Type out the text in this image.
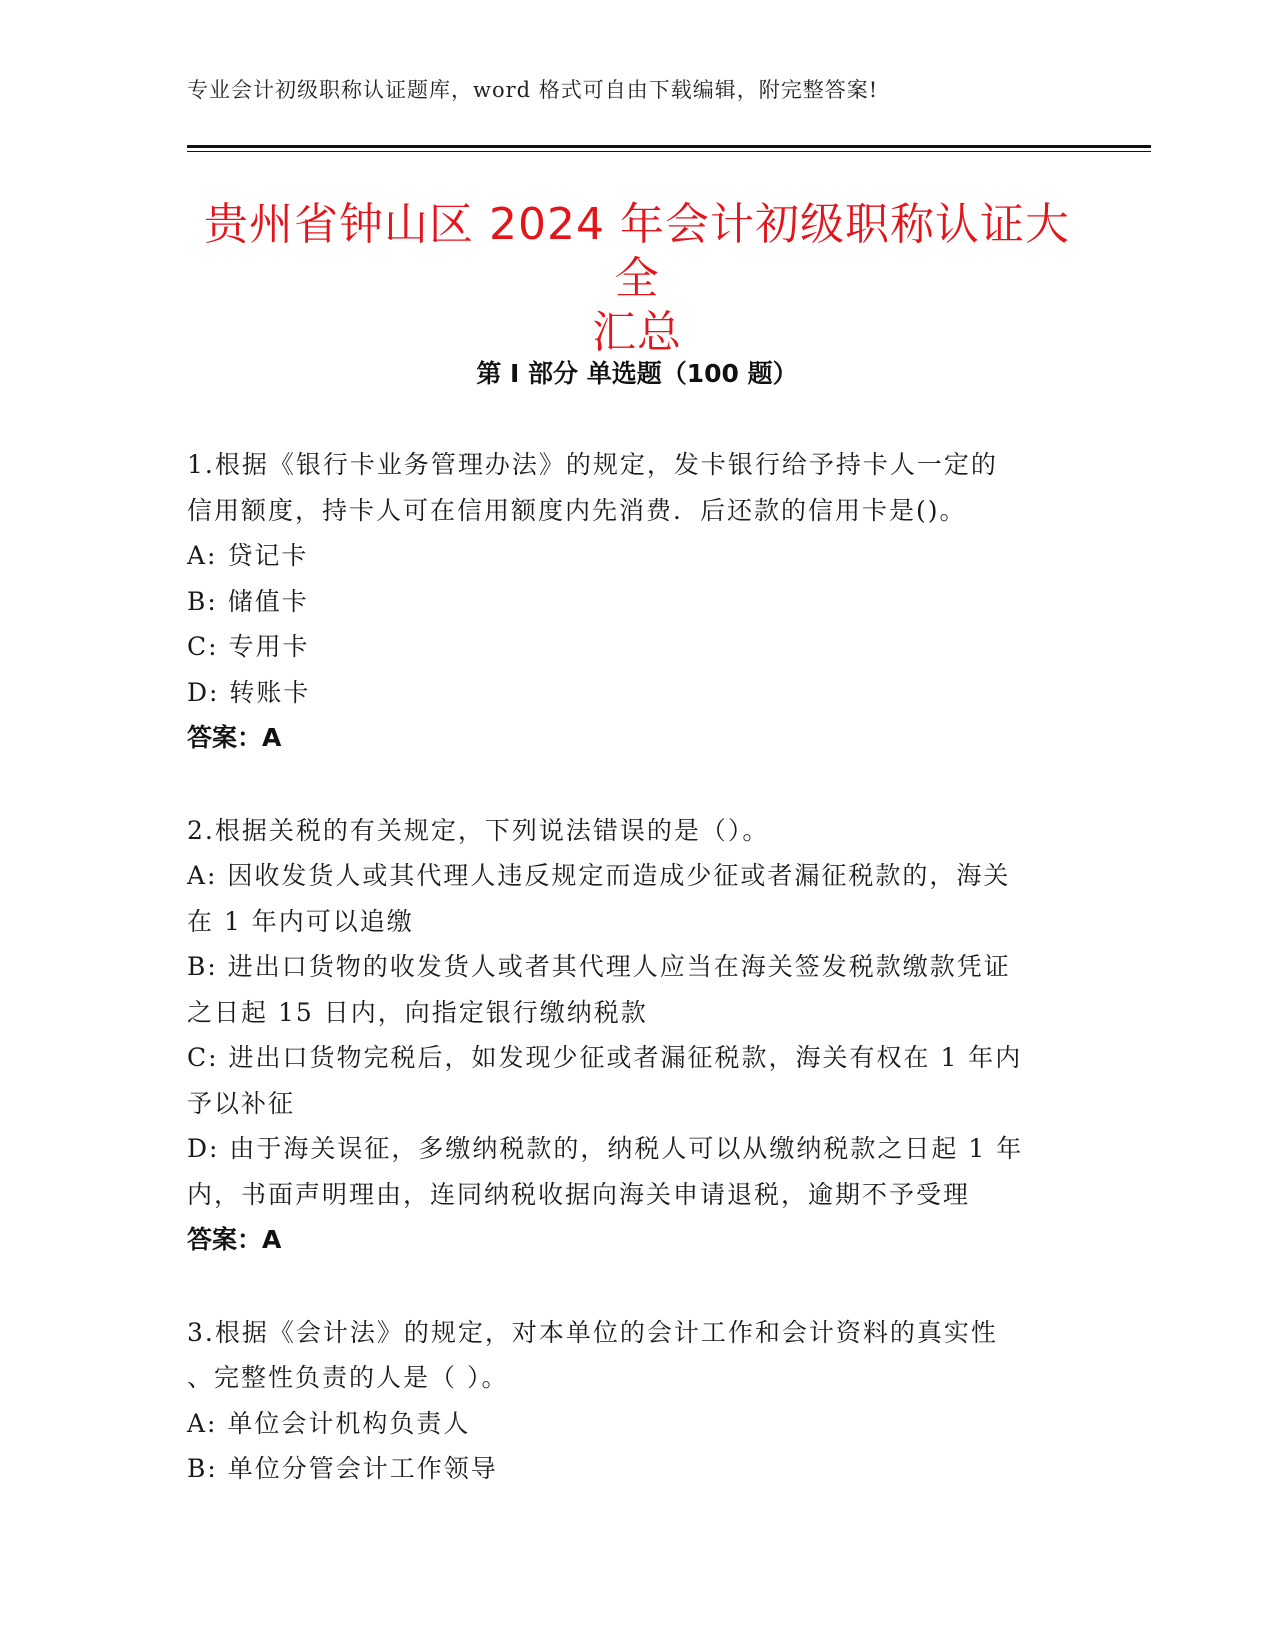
专业会计初级职称认证题库，word 格式可自由下载编辑，附完整答案!
贵州省钟山区 2024 年会计初级职称认证大全
汇总
第 I 部分 单选题（100 题）
1.根据《银行卡业务管理办法》的规定，发卡银行给予持卡人一定的
信用额度，持卡人可在信用额度内先消费．后还款的信用卡是()。
A: 贷记卡
B: 储值卡
C: 专用卡
D: 转账卡
答案：A
2.根据关税的有关规定，下列说法错误的是（）。
A: 因收发货人或其代理人违反规定而造成少征或者漏征税款的，海关
在 1 年内可以追缴
B: 进出口货物的收发货人或者其代理人应当在海关签发税款缴款凭证
之日起 15 日内，向指定银行缴纳税款
C: 进出口货物完税后，如发现少征或者漏征税款，海关有权在 1 年内
予以补征
D: 由于海关误征，多缴纳税款的，纳税人可以从缴纳税款之日起 1 年
内，书面声明理由，连同纳税收据向海关申请退税，逾期不予受理
答案：A
3.根据《会计法》的规定，对本单位的会计工作和会计资料的真实性
、完整性负责的人是（ ）。
A: 单位会计机构负责人
B: 单位分管会计工作领导
